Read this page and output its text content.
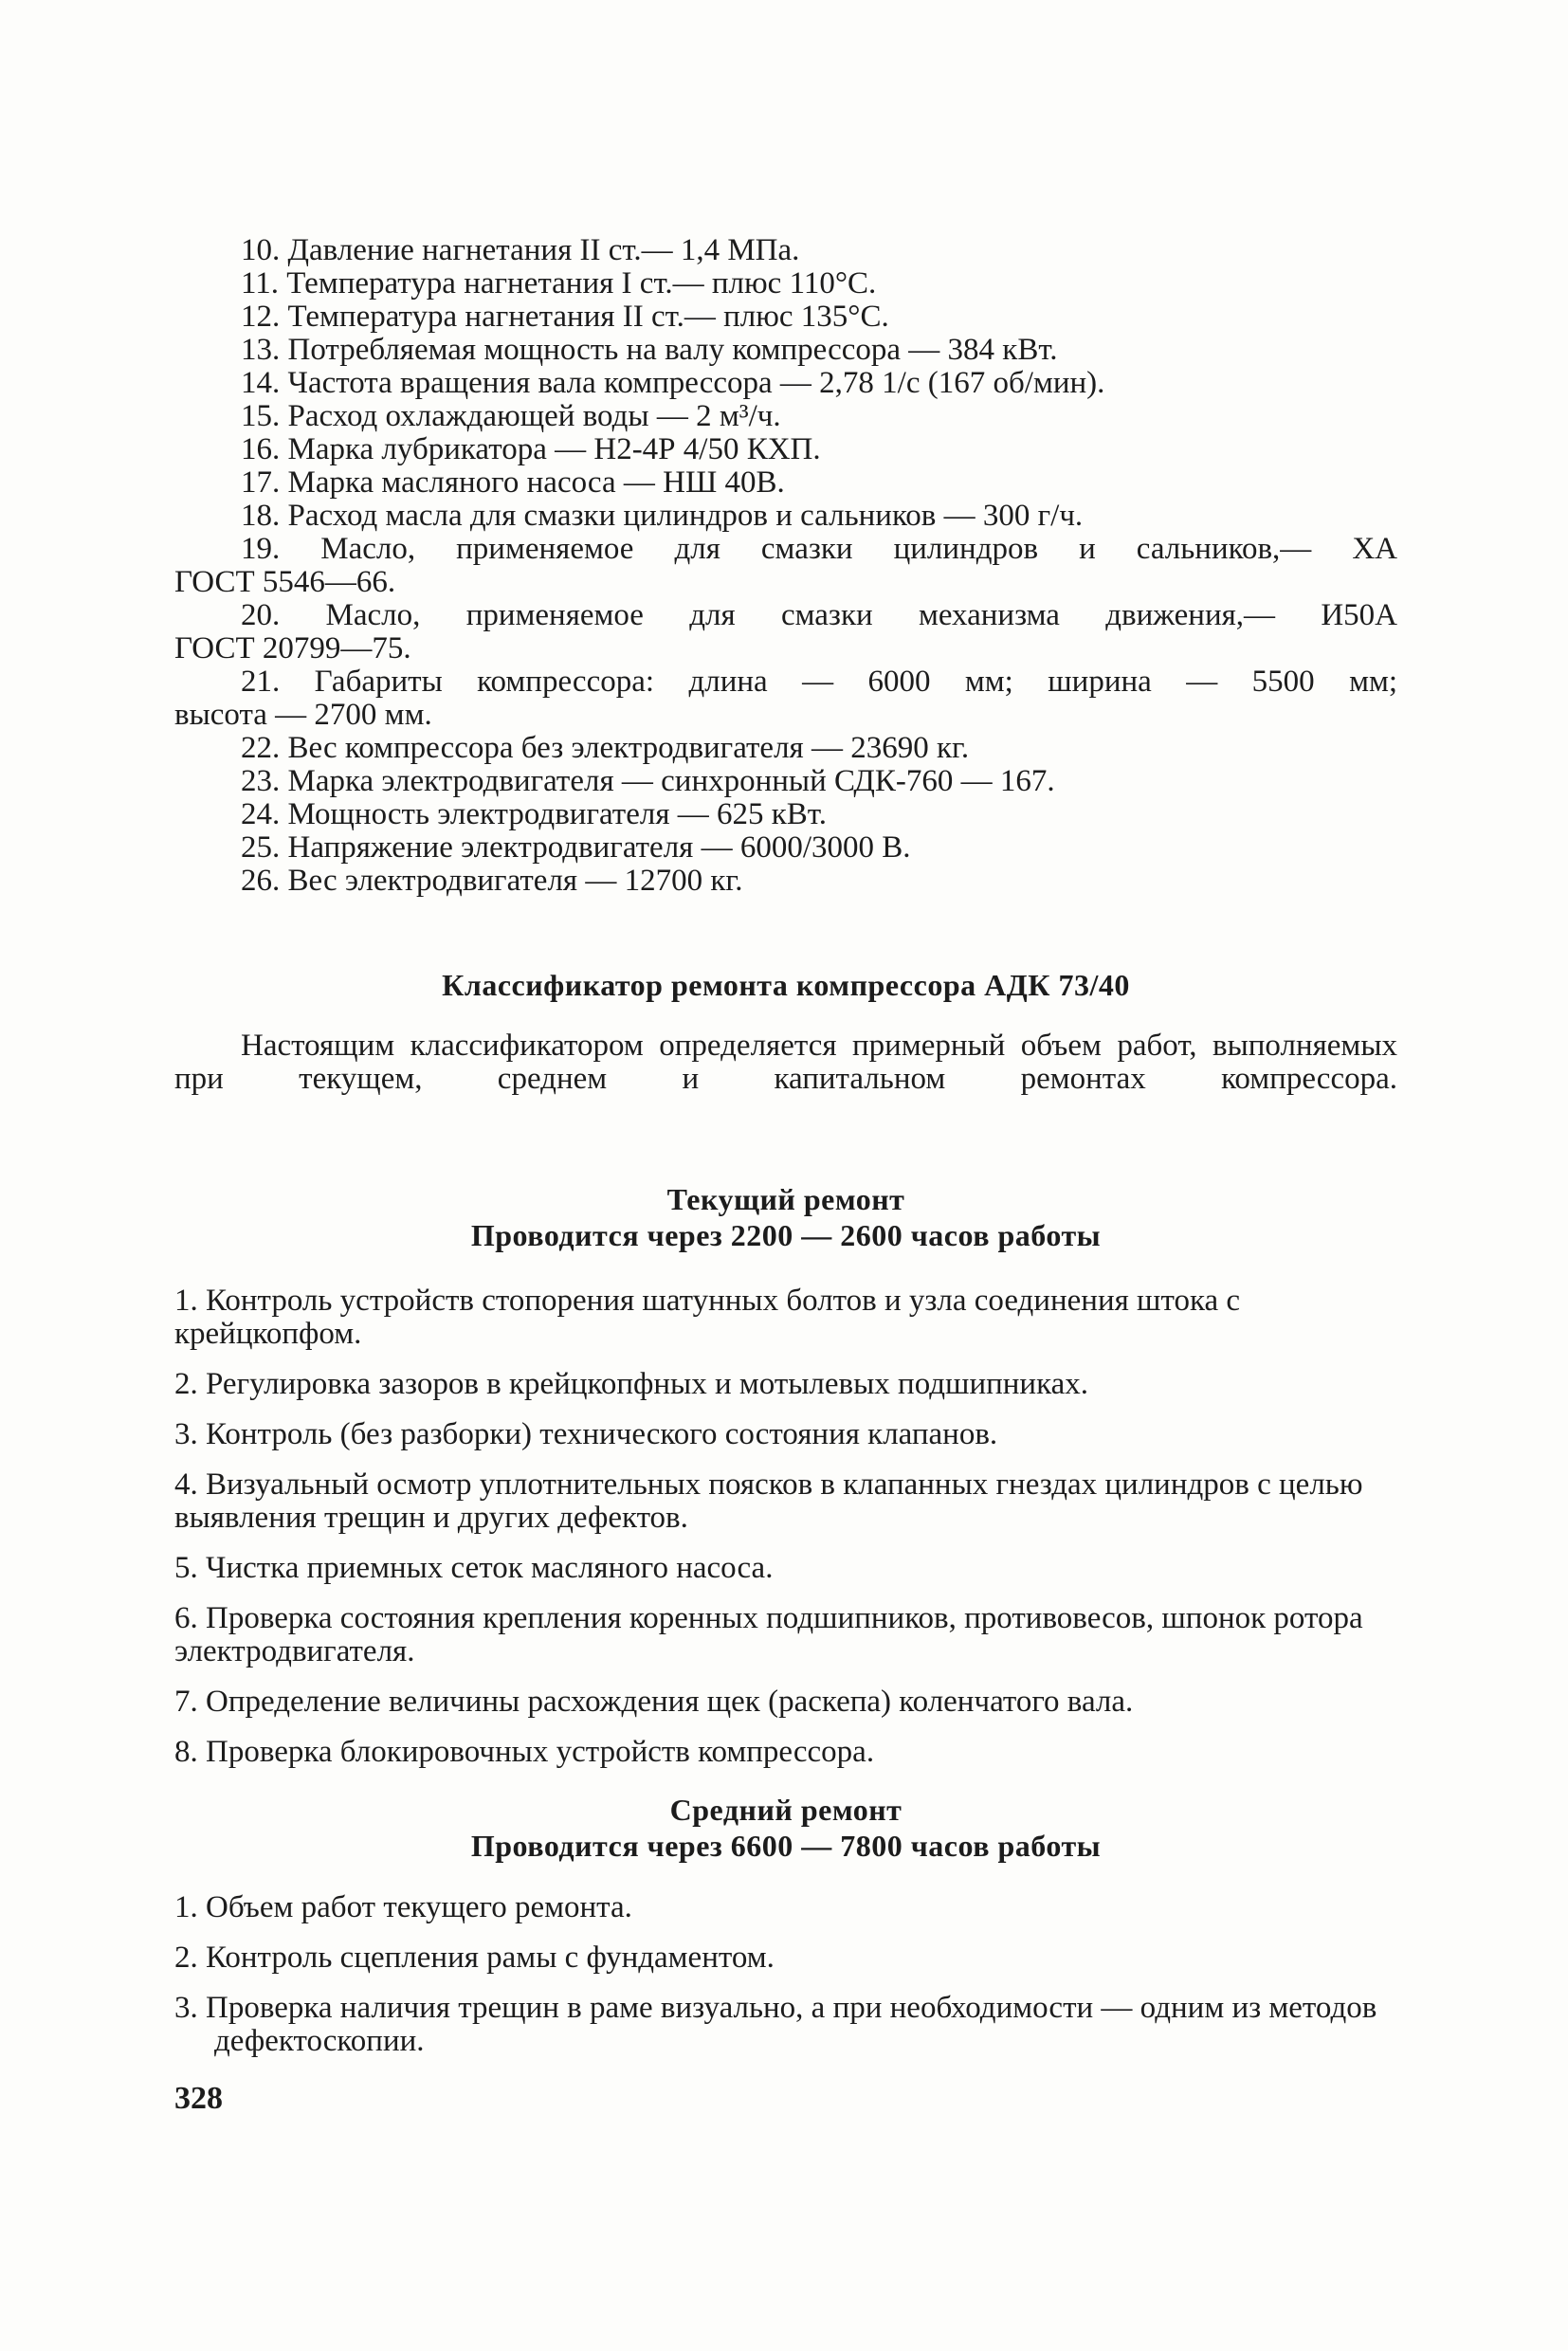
10. Давление нагнетания II ст.— 1,4 МПа.

11. Температура нагнетания I ст.— плюс 110°С.

12. Температура нагнетания II ст.— плюс 135°С.

13. Потребляемая мощность на валу компрессора — 384 кВт.

14. Частота вращения вала компрессора — 2,78 1/с (167 об/мин).

15. Расход охлаждающей воды — 2 м³/ч.

16. Марка лубрикатора — Н2-4Р 4/50 КХП.

17. Марка масляного насоса — НШ 40В.

18. Расход масла для смазки цилиндров и сальников — 300 г/ч.

19. Масло, применяемое для смазки цилиндров и сальников,— ХА

ГОСТ 5546—66.

20. Масло, применяемое для смазки механизма движения,— И50А

ГОСТ 20799—75.

21. Габариты компрессора: длина — 6000 мм; ширина — 5500 мм;

высота — 2700 мм.

22. Вес компрессора без электродвигателя — 23690 кг.

23. Марка электродвигателя — синхронный СДК-760 — 167.

24. Мощность электродвигателя — 625 кВт.

25. Напряжение электродвигателя — 6000/3000 В.

26. Вес электродвигателя — 12700 кг.

Классификатор ремонта компрессора АДК 73/40

Настоящим классификатором определяется примерный объем работ, выполняемых при текущем, среднем и капитальном ремонтах компрессора.

Текущий ремонт
Проводится через 2200 — 2600 часов работы

1. Контроль устройств стопорения шатунных болтов и узла соединения штока с крейцкопфом.

2. Регулировка зазоров в крейцкопфных и мотылевых подшипниках.

3. Контроль (без разборки) технического состояния клапанов.

4. Визуальный осмотр уплотнительных поясков в клапанных гнездах цилиндров с целью выявления трещин и других дефектов.

5. Чистка приемных сеток масляного насоса.

6. Проверка состояния крепления коренных подшипников, противовесов, шпонок ротора электродвигателя.

7. Определение величины расхождения щек (раскепа) коленчатого вала.

8. Проверка блокировочных устройств компрессора.

Средний ремонт
Проводится через 6600 — 7800 часов работы

1. Объем работ текущего ремонта.

2. Контроль сцепления рамы с фундаментом.

3. Проверка наличия трещин в раме визуально, а при необходимости — одним из методов дефектоскопии.

328
